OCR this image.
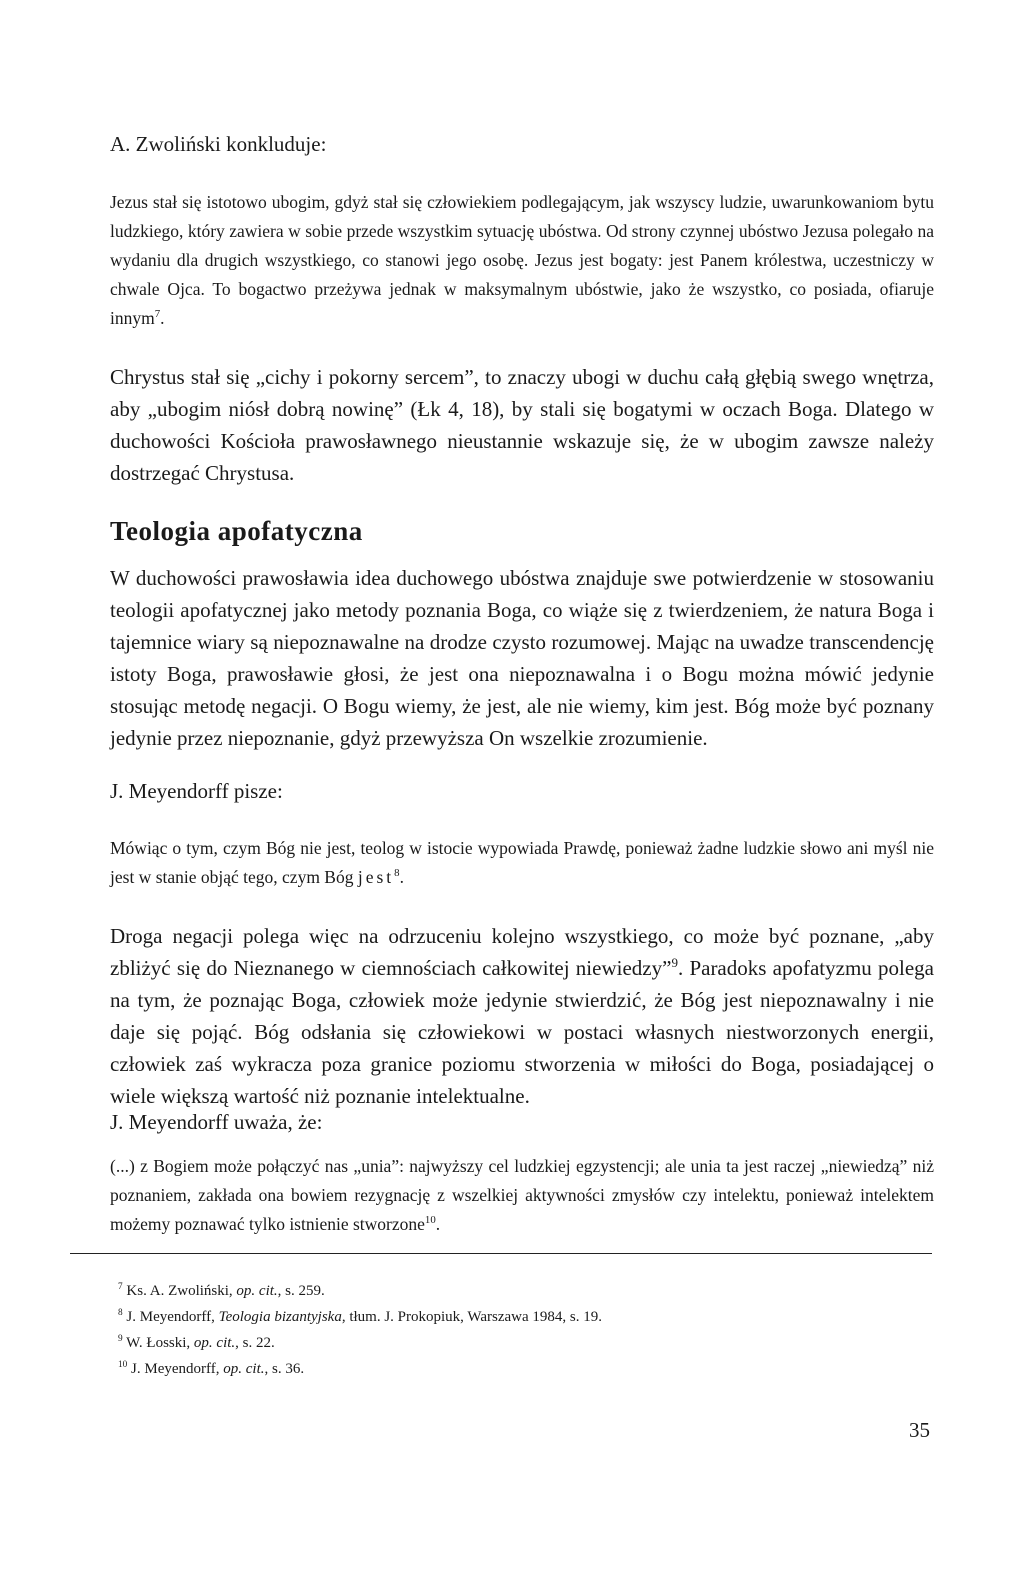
A. Zwoliński konkluduje:

Jezus stał się istotowo ubogim, gdyż stał się człowiekiem podlegającym, jak wszyscy ludzie, uwarunkowaniom bytu ludzkiego, który zawiera w sobie przede wszystkim sytuację ubóstwa. Od strony czynnej ubóstwo Jezusa polegało na wydaniu dla drugich wszystkiego, co stanowi jego osobę. Jezus jest bogaty: jest Panem królestwa, uczestniczy w chwale Ojca. To bogactwo przeżywa jednak w maksymalnym ubóstwie, jako że wszystko, co posiada, ofiaruje innym$^7$.

Chrystus stał się „cichy i pokorny sercem”, to znaczy ubogi w duchu całą głębią swego wnętrza, aby „ubogim niósł dobrą nowinę” (Łk 4, 18), by stali się bogatymi w oczach Boga. Dlatego w duchowości Kościoła prawosławnego nieustannie wskazuje się, że w ubogim zawsze należy dostrzegać Chrystusa.

Teologia apofatyczna

W duchowości prawosławia idea duchowego ubóstwa znajduje swe potwierdzenie w stosowaniu teologii apofatycznej jako metody poznania Boga, co wiąże się z twierdzeniem, że natura Boga i tajemnice wiary są niepoznawalne na drodze czysto rozumowej. Mając na uwadze transcendencję istoty Boga, prawosławie głosi, że jest ona niepoznawalna i o Bogu można mówić jedynie stosując metodę negacji. O Bogu wiemy, że jest, ale nie wiemy, kim jest. Bóg może być poznany jedynie przez niepoznanie, gdyż przewyższa On wszelkie zrozumienie.

J. Meyendorff pisze:

Mówiąc o tym, czym Bóg nie jest, teolog w istocie wypowiada Prawdę, ponieważ żadne ludzkie słowo ani myśl nie jest w stanie objąć tego, czym Bóg jest$^8$.

Droga negacji polega więc na odrzuceniu kolejno wszystkiego, co może być poznane, „aby zbliżyć się do Nieznanego w ciemnościach całkowitej niewiedzy”$^9$. Paradoks apofatyzmu polega na tym, że poznając Boga, człowiek może jedynie stwierdzić, że Bóg jest niepoznawalny i nie daje się pojąć. Bóg odsłania się człowiekowi w postaci własnych niestworzonych energii, człowiek zaś wykracza poza granice poziomu stworzenia w miłości do Boga, posiadającej o wiele większą wartość niż poznanie intelektualne.

J. Meyendorff uważa, że:

(...) z Bogiem może połączyć nas „unia”: najwyższy cel ludzkiej egzystencji; ale unia ta jest raczej „niewiedzą” niż poznaniem, zakłada ona bowiem rezygnację z wszelkiej aktywności zmysłów czy intelektu, ponieważ intelektem możemy poznawać tylko istnienie stworzone$^{10}$.

$^7$ Ks. A. Zwoliński, op. cit., s. 259.
$^8$ J. Meyendorff, Teologia bizantyjska, tłum. J. Prokopiuk, Warszawa 1984, s. 19.
$^9$ W. Łosski, op. cit., s. 22.
$^{10}$ J. Meyendorff, op. cit., s. 36.
35
